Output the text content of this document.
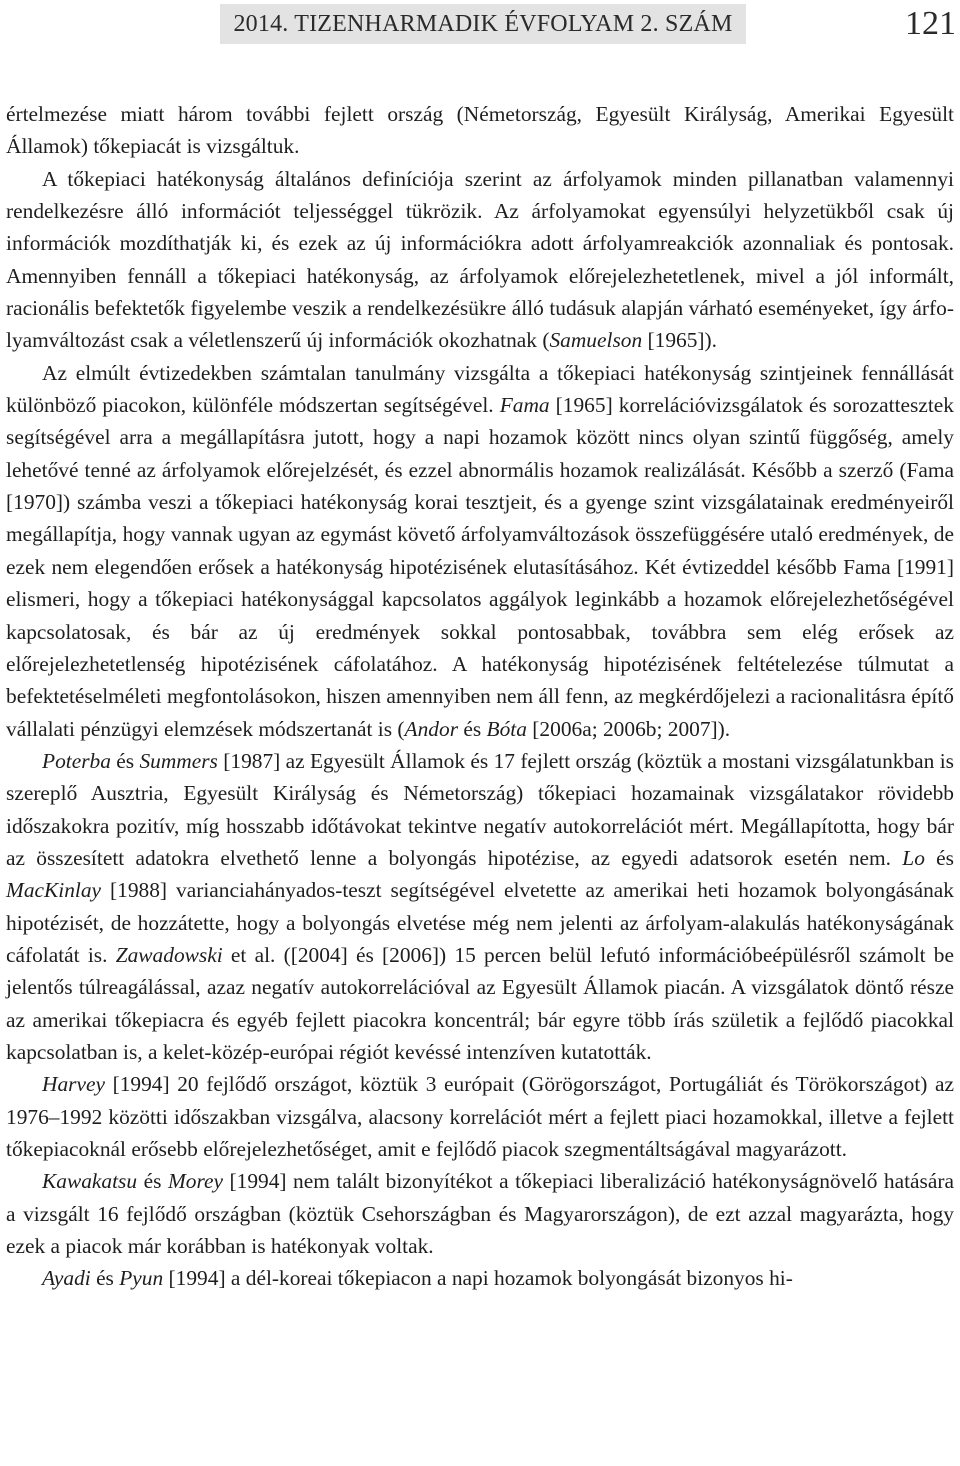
2014. TIZENHARMADIK ÉVFOLYAM 2. SZÁM	121

értelmezése miatt három további fejlett ország (Németország, Egyesült Királyság, Amerikai Egyesült Államok) tőkepiacát is vizsgáltuk.

A tőkepiaci hatékonyság általános definíciója szerint az árfolyamok minden pillanatban valamennyi rendelkezésre álló információt teljességgel tükrözik. Az árfolyamokat egyensúlyi helyzetükből csak új információk mozdíthatják ki, és ezek az új információkra adott árfolyamreakciók azonnaliak és pontosak. Amennyiben fennáll a tőkepiaci hatékonyság, az árfolyamok előrejelezhetetlenek, mivel a jól informált, racionális befektetők figyelembe veszik a rendelkezésükre álló tudásuk alapján várható eseményeket, így árfolyamváltozást csak a véletlenszerű új információk okozhatnak (Samuelson [1965]).

Az elmúlt évtizedekben számtalan tanulmány vizsgálta a tőkepiaci hatékonyság szintjeinek fennállását különböző piacokon, különféle módszertan segítségével. Fama [1965] korrelációvizsgálatok és sorozattesztek segítségével arra a megállapításra jutott, hogy a napi hozamok között nincs olyan szintű függőség, amely lehetővé tenné az árfolyamok előrejelzését, és ezzel abnormális hozamok realizálását. Később a szerző (Fama [1970]) számba veszi a tőkepiaci hatékonyság korai tesztjeit, és a gyenge szint vizsgálatainak eredményeiről megállapítja, hogy vannak ugyan az egymást követő árfolyamváltozások összefüggésére utaló eredmények, de ezek nem elegendően erősek a hatékonyság hipotézisének elutasításához. Két évtizeddel később Fama [1991] elismeri, hogy a tőkepiaci hatékonysággal kapcsolatos aggályok leginkább a hozamok előrejelezhetőségével kapcsolatosak, és bár az új eredmények sokkal pontosabbak, továbbra sem elég erősek az előrejelezhetetlenség hipotézisének cáfolatához. A hatékonyság hipotézisének feltételezése túlmutat a befektetéselméleti megfontolásokon, hiszen amennyiben nem áll fenn, az megkérdőjelezi a racionalitásra építő vállalati pénzügyi elemzések módszertanát is (Andor és Bóta [2006a; 2006b; 2007]).

Poterba és Summers [1987] az Egyesült Államok és 17 fejlett ország (köztük a mostani vizsgálatunkban is szereplő Ausztria, Egyesült Királyság és Németország) tőkepiaci hozamainak vizsgálatakor rövidebb időszakokra pozitív, míg hosszabb időtávokat tekintve negatív autokorrelációt mért. Megállapította, hogy bár az összesített adatokra elvethető lenne a bolyongás hipotézise, az egyedi adatsorok esetén nem. Lo és MacKinlay [1988] varianciahányados-teszt segítségével elvetette az amerikai heti hozamok bolyongásának hipotézisét, de hozzátette, hogy a bolyongás elvetése még nem jelenti az árfolyam-alakulás hatékonyságának cáfolatát is. Zawadowski et al. ([2004] és [2006]) 15 percen belül lefutó információbeépülésről számolt be jelentős túlreagálással, azaz negatív autokorrelációval az Egyesült Államok piacán. A vizsgálatok döntő része az amerikai tőkepiacra és egyéb fejlett piacokra koncentrál; bár egyre több írás születik a fejlődő piacokkal kapcsolatban is, a kelet-közép-európai régiót kevéssé intenzíven kutatották.

Harvey [1994] 20 fejlődő országot, köztük 3 európait (Görögországot, Portugáliát és Törökországot) az 1976–1992 közötti időszakban vizsgálva, alacsony korrelációt mért a fejlett piaci hozamokkal, illetve a fejlett tőkepiacoknál erősebb előrejelezhetőséget, amit e fejlődő piacok szegmentáltságával magyarázott.

Kawakatsu és Morey [1994] nem talált bizonyítékot a tőkepiaci liberalizáció hatékonyságnövelő hatására a vizsgált 16 fejlődő országban (köztük Csehországban és Magyarországon), de ezt azzal magyarázta, hogy ezek a piacok már korábban is hatékonyak voltak.

Ayadi és Pyun [1994] a dél-koreai tőkepiacon a napi hozamok bolyongását bizonyos hi-
